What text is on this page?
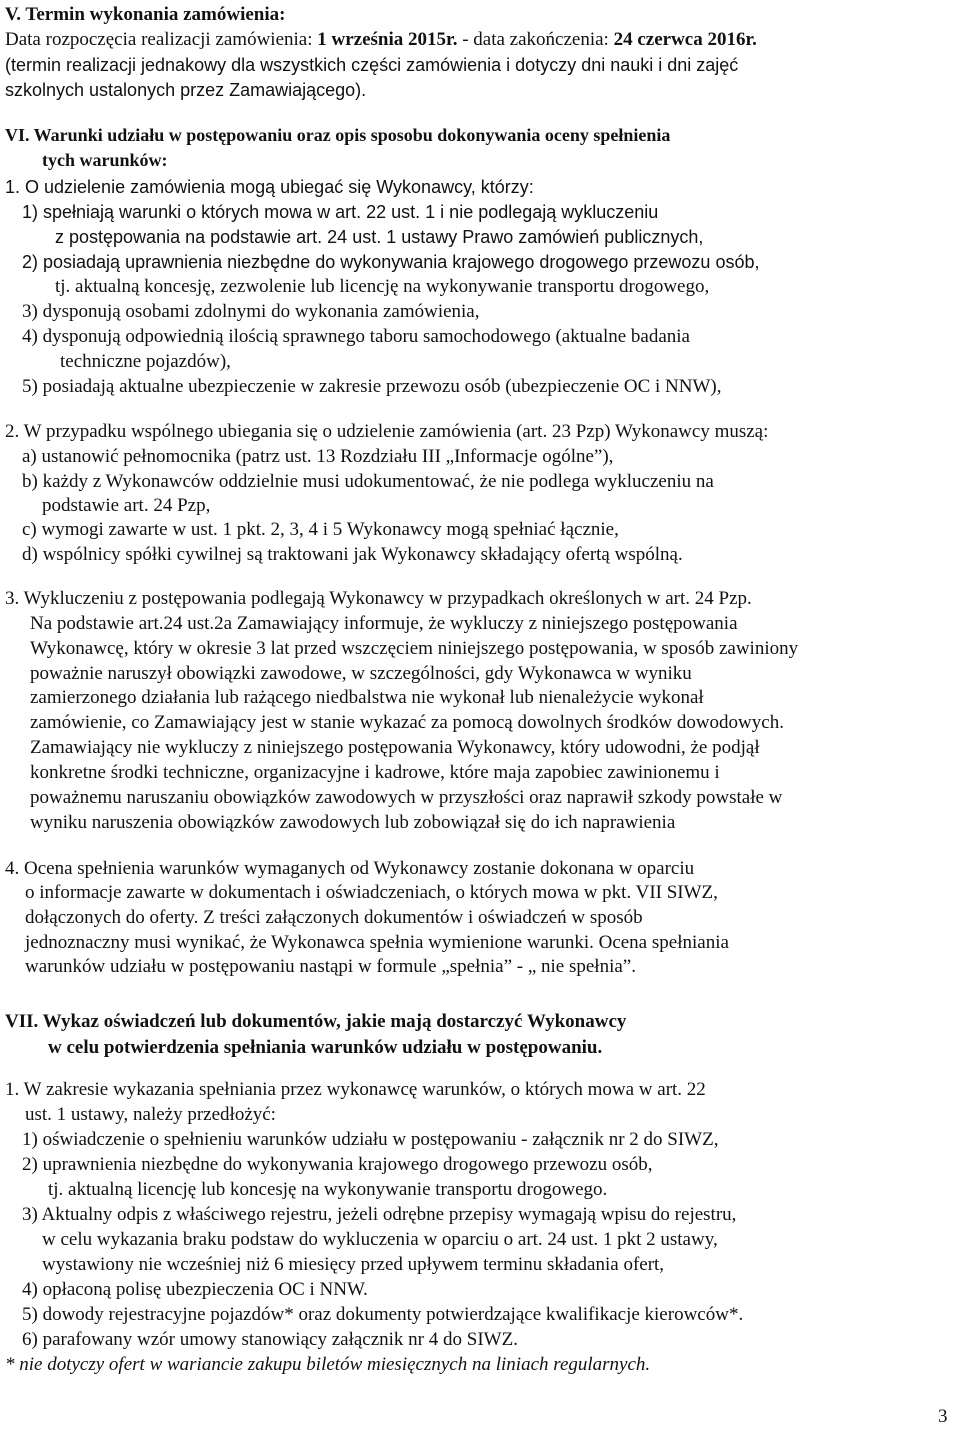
V. Termin wykonania zamówienia:
Data rozpoczęcia realizacji zamówienia: 1 września 2015r. - data zakończenia: 24 czerwca 2016r.
(termin realizacji jednakowy dla wszystkich części zamówienia i dotyczy dni nauki i dni zajęć
szkolnych ustalonych przez Zamawiającego).
VI. Warunki udziału w postępowaniu oraz opis sposobu dokonywania oceny spełnienia
tych warunków:
1. O udzielenie zamówienia mogą ubiegać się Wykonawcy, którzy:
1) spełniają warunki o których mowa w art. 22 ust. 1 i nie podlegają wykluczeniu
z postępowania na podstawie art. 24 ust. 1 ustawy Prawo zamówień publicznych,
2) posiadają uprawnienia niezbędne do wykonywania krajowego drogowego przewozu osób,
tj. aktualną koncesję, zezwolenie lub licencję na wykonywanie transportu drogowego,
3) dysponują osobami zdolnymi do wykonania zamówienia,
4) dysponują odpowiednią ilością sprawnego taboru samochodowego (aktualne badania
techniczne pojazdów),
5) posiadają aktualne ubezpieczenie w zakresie przewozu osób (ubezpieczenie OC i NNW),
2. W przypadku wspólnego ubiegania się o udzielenie zamówienia (art. 23 Pzp) Wykonawcy muszą:
a) ustanowić pełnomocnika (patrz ust. 13 Rozdziału III „Informacje ogólne”),
b) każdy z Wykonawców oddzielnie musi udokumentować, że nie podlega wykluczeniu na
podstawie art. 24 Pzp,
c) wymogi zawarte w ust. 1 pkt. 2, 3, 4 i 5 Wykonawcy mogą spełniać łącznie,
d) wspólnicy spółki cywilnej są traktowani jak Wykonawcy składający ofertą wspólną.
3. Wykluczeniu z postępowania podlegają Wykonawcy w przypadkach określonych w art. 24 Pzp.
Na podstawie art.24 ust.2a Zamawiający informuje, że wykluczy z niniejszego postępowania
Wykonawcę, który w okresie 3 lat przed wszczęciem niniejszego postępowania, w sposób zawiniony
poważnie naruszył obowiązki zawodowe, w szczególności, gdy Wykonawca w wyniku
zamierzonego działania lub rażącego niedbalstwa nie wykonał lub nienależycie wykonał
zamówienie, co Zamawiający jest w stanie wykazać za pomocą dowolnych środków dowodowych.
Zamawiający nie wykluczy z niniejszego postępowania Wykonawcy, który udowodni, że podjął
konkretne środki techniczne, organizacyjne i kadrowe, które maja zapobiec zawinionemu i
poważnemu naruszaniu obowiązków zawodowych w przyszłości oraz naprawił szkody powstałe w
wyniku naruszenia obowiązków zawodowych lub zobowiązał się do ich naprawienia
4. Ocena spełnienia warunków wymaganych od Wykonawcy zostanie dokonana w oparciu
o informacje zawarte w dokumentach i oświadczeniach, o których mowa w pkt. VII SIWZ,
dołączonych do oferty. Z treści załączonych dokumentów i oświadczeń w sposób
jednoznaczny musi wynikać, że Wykonawca spełnia wymienione warunki. Ocena spełniania
warunków udziału w postępowaniu nastąpi w formule „spełnia” - „ nie spełnia”.
VII. Wykaz oświadczeń lub dokumentów, jakie mają dostarczyć Wykonawcy
w celu potwierdzenia spełniania warunków udziału w postępowaniu.
1. W zakresie wykazania spełniania przez wykonawcę warunków, o których mowa w art. 22
ust. 1 ustawy, należy przedłożyć:
1) oświadczenie o spełnieniu warunków udziału w postępowaniu - załącznik nr 2 do SIWZ,
2) uprawnienia niezbędne do wykonywania krajowego drogowego przewozu osób,
tj. aktualną licencję lub koncesję na wykonywanie transportu drogowego.
3) Aktualny odpis z właściwego rejestru, jeżeli odrębne przepisy wymagają wpisu do rejestru,
w celu wykazania braku podstaw do wykluczenia w oparciu o art. 24 ust. 1 pkt 2 ustawy,
wystawiony nie wcześniej niż 6 miesięcy przed upływem terminu składania ofert,
4) opłaconą polisę ubezpieczenia OC i NNW.
5) dowody rejestracyjne pojazdów* oraz dokumenty potwierdzające kwalifikacje kierowców*.
6) parafowany wzór umowy stanowiący załącznik nr 4 do SIWZ.
* nie dotyczy ofert w wariancie zakupu biletów miesięcznych na liniach regularnych.
3
